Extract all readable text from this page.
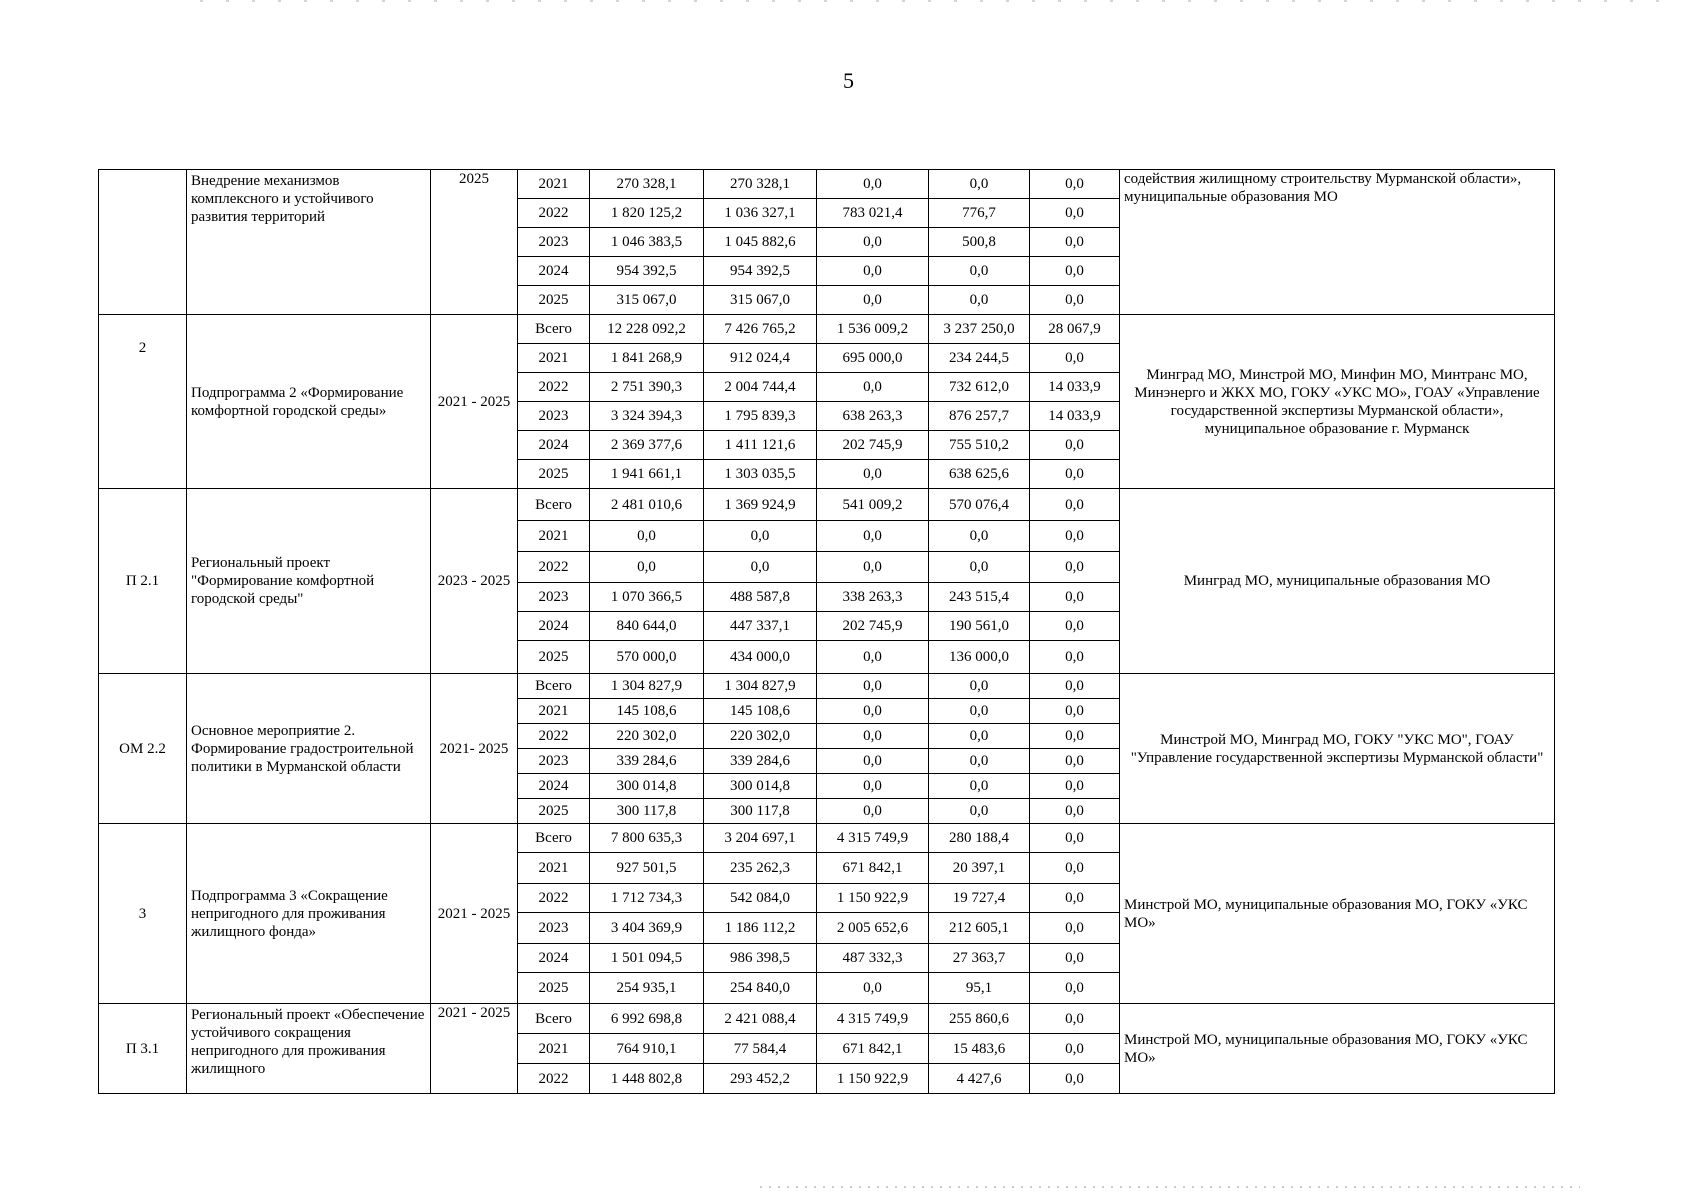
5
	Внедрение механизмов комплексного и устойчивого развития территорий	2025	2021	270 328,1	270 328,1	0,0	0,0	0,0	содействия жилищному строительству Мурманской области», муниципальные образования МО
			2022	1 820 125,2	1 036 327,1	783 021,4	776,7	0,0	
			2023	1 046 383,5	1 045 882,6	0,0	500,8	0,0	
			2024	954 392,5	954 392,5	0,0	0,0	0,0	
			2025	315 067,0	315 067,0	0,0	0,0	0,0	
2	Подпрограмма 2 «Формирование комфортной городской среды»	2021 - 2025	Всего	12 228 092,2	7 426 765,2	1 536 009,2	3 237 250,0	28 067,9	Минград МО, Минстрой МО, Минфин МО, Минтранс МО, Минэнерго и ЖКХ МО, ГОКУ «УКС МО», ГОАУ «Управление государственной экспертизы Мурманской области», муниципальное образование г. Мурманск
			2021	1 841 268,9	912 024,4	695 000,0	234 244,5	0,0	
			2022	2 751 390,3	2 004 744,4	0,0	732 612,0	14 033,9	
			2023	3 324 394,3	1 795 839,3	638 263,3	876 257,7	14 033,9	
			2024	2 369 377,6	1 411 121,6	202 745,9	755 510,2	0,0	
			2025	1 941 661,1	1 303 035,5	0,0	638 625,6	0,0	
П 2.1	Региональный проект "Формирование комфортной городской среды"	2023 - 2025	Всего	2 481 010,6	1 369 924,9	541 009,2	570 076,4	0,0	Минград МО, муниципальные образования МО
			2021	0,0	0,0	0,0	0,0	0,0	
			2022	0,0	0,0	0,0	0,0	0,0	
			2023	1 070 366,5	488 587,8	338 263,3	243 515,4	0,0	
			2024	840 644,0	447 337,1	202 745,9	190 561,0	0,0	
			2025	570 000,0	434 000,0	0,0	136 000,0	0,0	
ОМ 2.2	Основное мероприятие 2. Формирование градостроительной политики в Мурманской области	2021- 2025	Всего	1 304 827,9	1 304 827,9	0,0	0,0	0,0	Минстрой МО, Минград МО, ГОКУ "УКС МО", ГОАУ "Управление государственной экспертизы Мурманской области"
			2021	145 108,6	145 108,6	0,0	0,0	0,0	
			2022	220 302,0	220 302,0	0,0	0,0	0,0	
			2023	339 284,6	339 284,6	0,0	0,0	0,0	
			2024	300 014,8	300 014,8	0,0	0,0	0,0	
			2025	300 117,8	300 117,8	0,0	0,0	0,0	
3	Подпрограмма 3 «Сокращение непригодного для проживания жилищного фонда»	2021 - 2025	Всего	7 800 635,3	3 204 697,1	4 315 749,9	280 188,4	0,0	Минстрой МО, муниципальные образования МО, ГОКУ «УКС МО»
			2021	927 501,5	235 262,3	671 842,1	20 397,1	0,0	
			2022	1 712 734,3	542 084,0	1 150 922,9	19 727,4	0,0	
			2023	3 404 369,9	1 186 112,2	2 005 652,6	212 605,1	0,0	
			2024	1 501 094,5	986 398,5	487 332,3	27 363,7	0,0	
			2025	254 935,1	254 840,0	0,0	95,1	0,0	
П 3.1	Региональный проект «Обеспечение устойчивого сокращения непригодного для проживания жилищного	2021 - 2025	Всего	6 992 698,8	2 421 088,4	4 315 749,9	255 860,6	0,0	Минстрой МО, муниципальные образования МО, ГОКУ «УКС МО»
			2021	764 910,1	77 584,4	671 842,1	15 483,6	0,0	
			2022	1 448 802,8	293 452,2	1 150 922,9	4 427,6	0,0	
